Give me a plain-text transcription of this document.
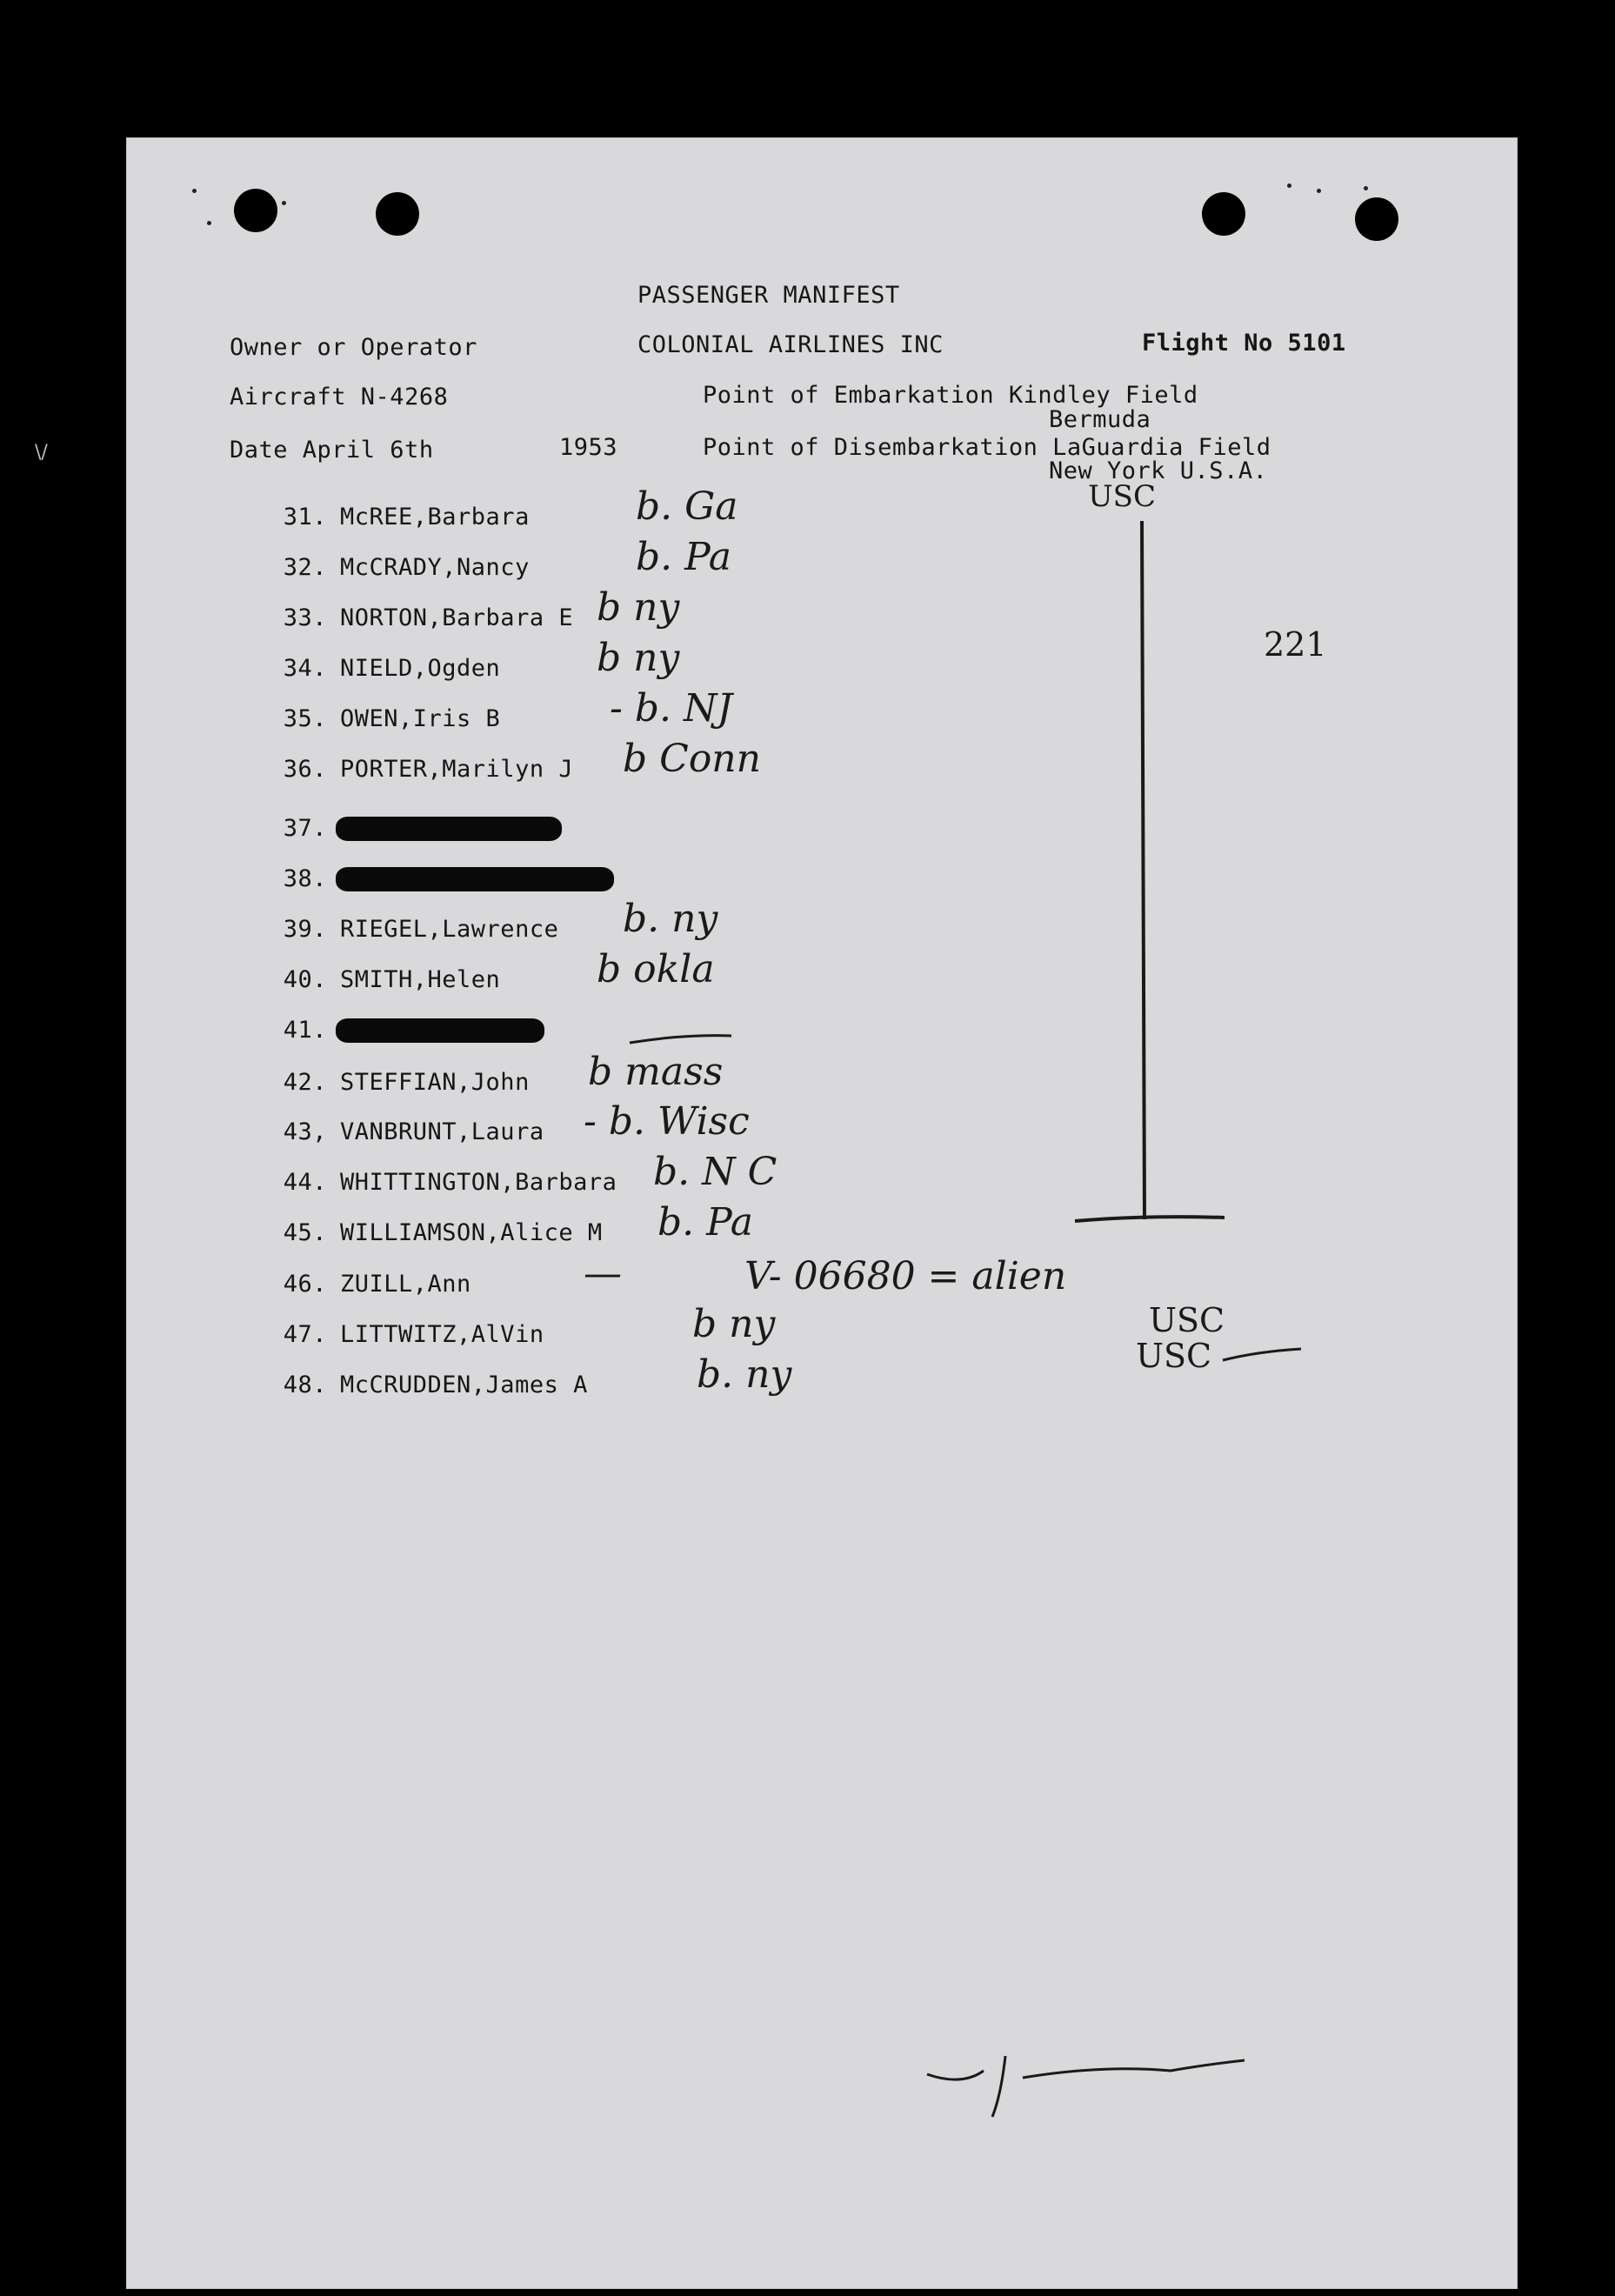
\/
PASSENGER MANIFEST
Owner or Operator	COLONIAL AIRLINES INC	Flight No 5101
Aircraft N-4268	Point of Embarkation Kindley Field
Bermuda
Date April 6th	1953	Point of Disembarkation LaGuardia Field
New York U.S.A.
221
31. McREE,Barbara	b. Ga
32. McCRADY,Nancy	b. Pa
33. NORTON,Barbara E b ny
34. NIELD,Ogden	b ny
35. OWEN,Iris B	- b. NJ
36. PORTER,Marilyn J b Conn
37.
38.
39. RIEGEL,Lawrence b. ny
40. SMITH,Helen	b okla
41.
42. STEFFIAN,John b mass
43, VANBRUNT,Laura - b. Wisc
44. WHITTINGTON,Barbara b. N C
45. WILLIAMSON,Alice M b. Pa
46. ZUILL,Ann	—
47. LITTWITZ,AlVin	b ny
48. McCRUDDEN,James A	b. ny
USC
V- 06680 = alien
USC
USC
